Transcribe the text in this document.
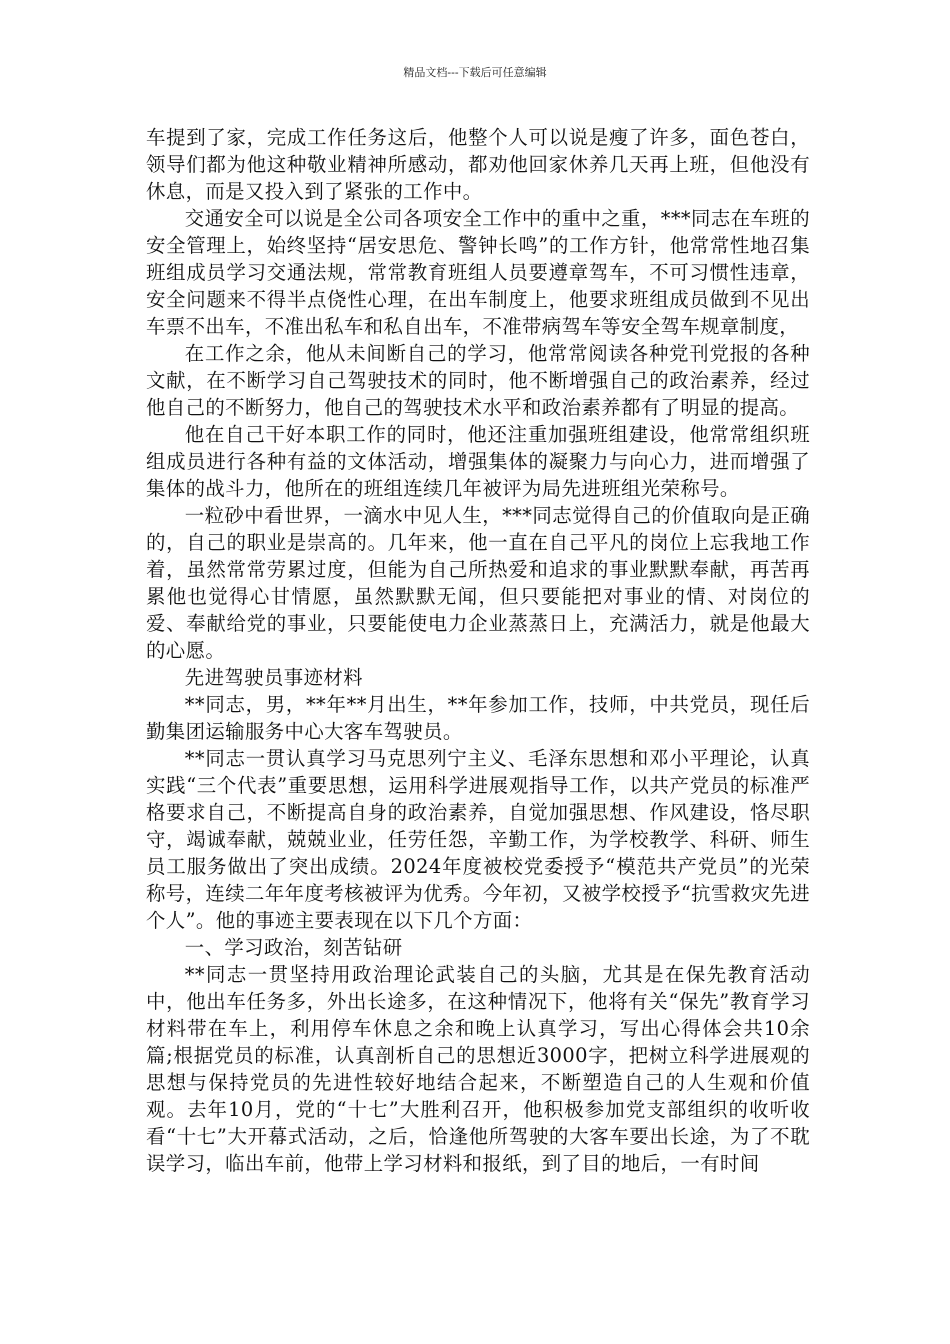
精品文档---下载后可任意编辑

车提到了家，完成工作任务这后，他整个人可以说是瘦了许多，面色苍白，领导们都为他这种敬业精神所感动，都劝他回家休养几天再上班，但他没有休息，而是又投入到了紧张的工作中。

交通安全可以说是全公司各项安全工作中的重中之重，***同志在车班的安全管理上，始终坚持“居安思危、警钟长鸣”的工作方针，他常常性地召集班组成员学习交通法规，常常教育班组人员要遵章驾车，不可习惯性违章，安全问题来不得半点侥性心理，在出车制度上，他要求班组成员做到不见出车票不出车，不准出私车和私自出车，不准带病驾车等安全驾车规章制度，

在工作之余，他从未间断自己的学习，他常常阅读各种党刊党报的各种文献，在不断学习自己驾驶技术的同时，他不断增强自己的政治素养，经过他自己的不断努力，他自己的驾驶技术水平和政治素养都有了明显的提高。

他在自己干好本职工作的同时，他还注重加强班组建设，他常常组织班组成员进行各种有益的文体活动，增强集体的凝聚力与向心力，进而增强了集体的战斗力，他所在的班组连续几年被评为局先进班组光荣称号。

一粒砂中看世界，一滴水中见人生，***同志觉得自己的价值取向是正确的，自己的职业是崇高的。几年来，他一直在自己平凡的岗位上忘我地工作着，虽然常常劳累过度，但能为自己所热爱和追求的事业默默奉献，再苦再累他也觉得心甘情愿，虽然默默无闻，但只要能把对事业的情、对岗位的爱、奉献给党的事业，只要能使电力企业蒸蒸日上，充满活力，就是他最大的心愿。

先进驾驶员事迹材料

**同志，男，**年**月出生，**年参加工作，技师，中共党员，现任后勤集团运输服务中心大客车驾驶员。

**同志一贯认真学习马克思列宁主义、毛泽东思想和邓小平理论，认真实践“三个代表”重要思想，运用科学进展观指导工作，以共产党员的标准严格要求自己，不断提高自身的政治素养，自觉加强思想、作风建设，恪尽职守，竭诚奉献，兢兢业业，任劳任怨，辛勤工作，为学校教学、科研、师生员工服务做出了突出成绩。2024年度被校党委授予“模范共产党员”的光荣称号，连续二年年度考核被评为优秀。今年初，又被学校授予“抗雪救灾先进个人”。他的事迹主要表现在以下几个方面：

一、学习政治，刻苦钻研

**同志一贯坚持用政治理论武装自己的头脑，尤其是在保先教育活动中，他出车任务多，外出长途多，在这种情况下，他将有关“保先”教育学习材料带在车上，利用停车休息之余和晚上认真学习，写出心得体会共10余篇;根据党员的标准，认真剖析自己的思想近3000字，把树立科学进展观的思想与保持党员的先进性较好地结合起来，不断塑造自己的人生观和价值观。去年10月，党的“十七”大胜利召开，他积极参加党支部组织的收听收看“十七”大开幕式活动，之后，恰逢他所驾驶的大客车要出长途，为了不耽误学习，临出车前，他带上学习材料和报纸，到了目的地后，一有时间
